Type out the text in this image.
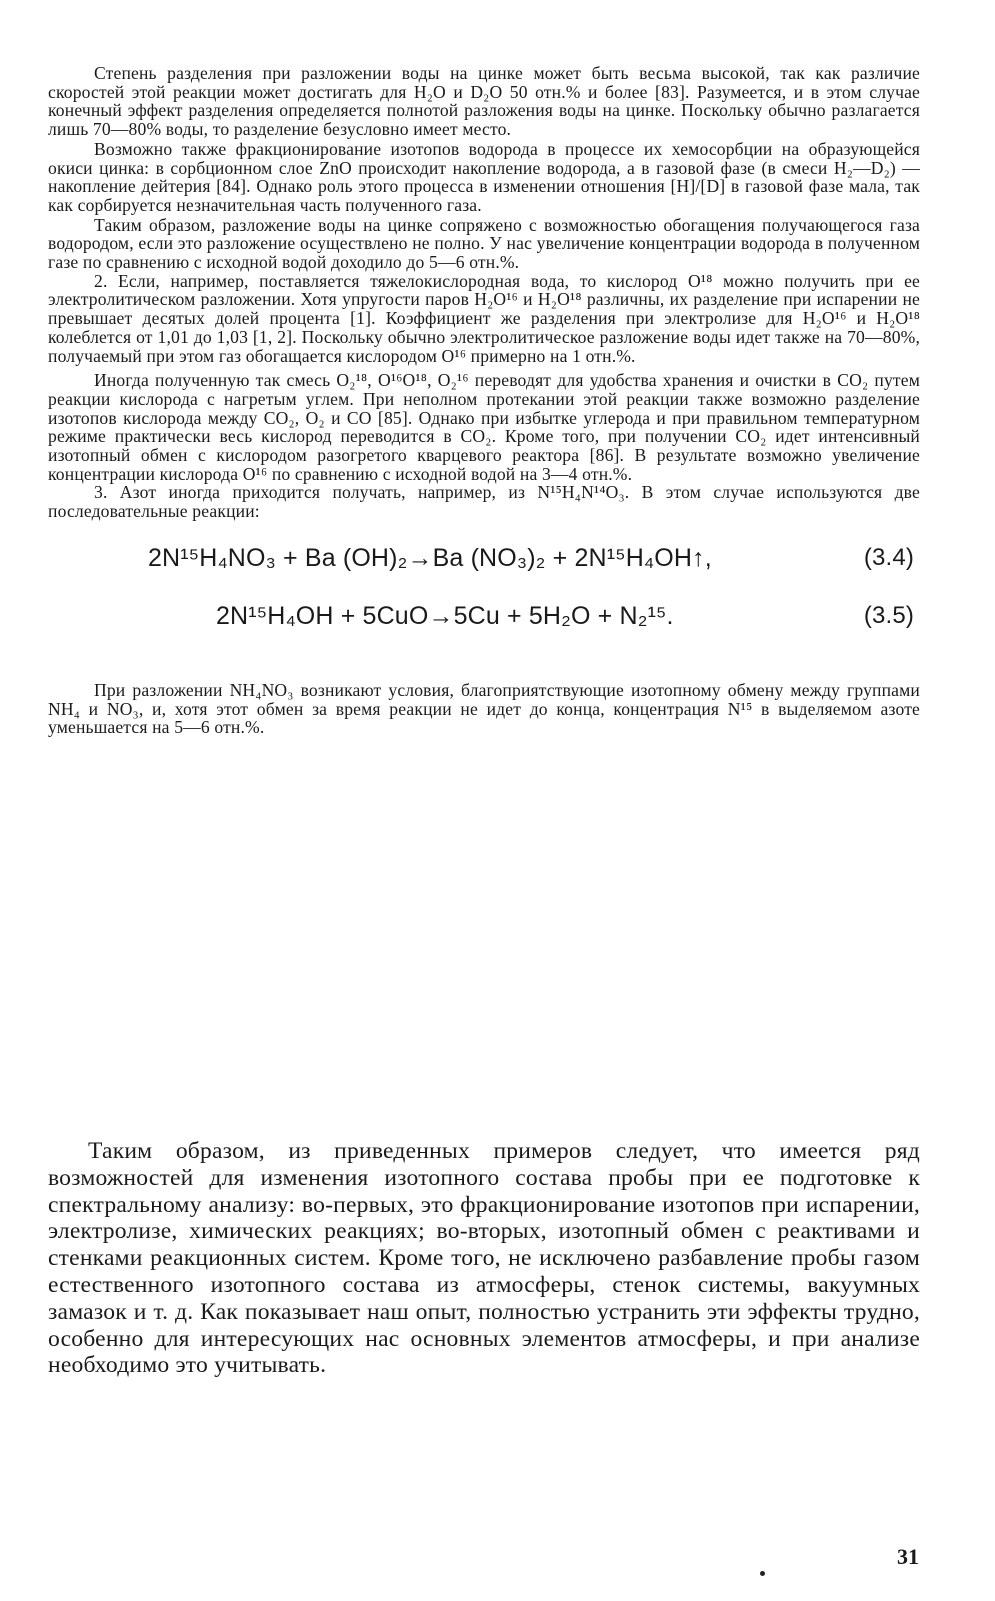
Степень разделения при разложении воды на цинке может быть весьма высокой, так как различие скоростей этой реакции может достигать для H₂O и D₂O 50 отн.% и более [83]. Разумеется, и в этом случае конечный эффект разделения определяется полнотой разложения воды на цинке. Поскольку обычно разлагается лишь 70—80% воды, то разделение безусловно имеет место.

Возможно также фракционирование изотопов водорода в процессе их хемосорбции на образующейся окиси цинка: в сорбционном слое ZnO происходит накопление водорода, а в газовой фазе (в смеси H₂—D₂) — накопление дейтерия [84]. Однако роль этого процесса в изменении отношения [H]/[D] в газовой фазе мала, так как сорбируется незначительная часть полученного газа.

Таким образом, разложение воды на цинке сопряжено с возможностью обогащения получающегося газа водородом, если это разложение осуществлено не полно. У нас увеличение концентрации водорода в полученном газе по сравнению с исходной водой доходило до 5—6 отн.%.

2. Если, например, поставляется тяжелокислородная вода, то кислород O¹⁸ можно получить при ее электролитическом разложении. Хотя упругости паров H₂O¹⁶ и H₂O¹⁸ различны, их разделение при испарении не превышает десятых долей процента [1]. Коэффициент же разделения при электролизе для H₂O¹⁶ и H₂O¹⁸ колеблется от 1,01 до 1,03 [1, 2]. Поскольку обычно электролитическое разложение воды идет также на 70—80%, получаемый при этом газ обогащается кислородом O¹⁶ примерно на 1 отн.%.

Иногда полученную так смесь O₂¹⁸, O¹⁶O¹⁸, O₂¹⁶ переводят для удобства хранения и очистки в CO₂ путем реакции кислорода с нагретым углем. При неполном протекании этой реакции также возможно разделение изотопов кислорода между CO₂, O₂ и CO [85]. Однако при избытке углерода и при правильном температурном режиме практически весь кислород переводится в CO₂. Кроме того, при получении CO₂ идет интенсивный изотопный обмен с кислородом разогретого кварцевого реактора [86]. В результате возможно увеличение концентрации кислорода O¹⁶ по сравнению с исходной водой на 3—4 отн.%.

3. Азот иногда приходится получать, например, из N¹⁵H₄N¹⁴O₃. В этом случае используются две последовательные реакции:

2N¹⁵H₄NO₃ + Ba (OH)₂→Ba (NO₃)₂ + 2N¹⁵H₄OH↑,	(3.4)
2N¹⁵H₄OH + 5CuO→5Cu + 5H₂O + N₂¹⁵.	(3.5)

При разложении NH₄NO₃ возникают условия, благоприятствующие изотопному обмену между группами NH₄ и NO₃, и, хотя этот обмен за время реакции не идет до конца, концентрация N¹⁵ в выделяемом азоте уменьшается на 5—6 отн.%.

Таким образом, из приведенных примеров следует, что имеется ряд возможностей для изменения изотопного состава пробы при ее подготовке к спектральному анализу: во-первых, это фракционирование изотопов при испарении, электролизе, химических реакциях; во-вторых, изотопный обмен с реактивами и стенками реакционных систем. Кроме того, не исключено разбавление пробы газом естественного изотопного состава из атмосферы, стенок системы, вакуумных замазок и т. д. Как показывает наш опыт, полностью устранить эти эффекты трудно, особенно для интересующих нас основных элементов атмосферы, и при анализе необходимо это учитывать.

31
